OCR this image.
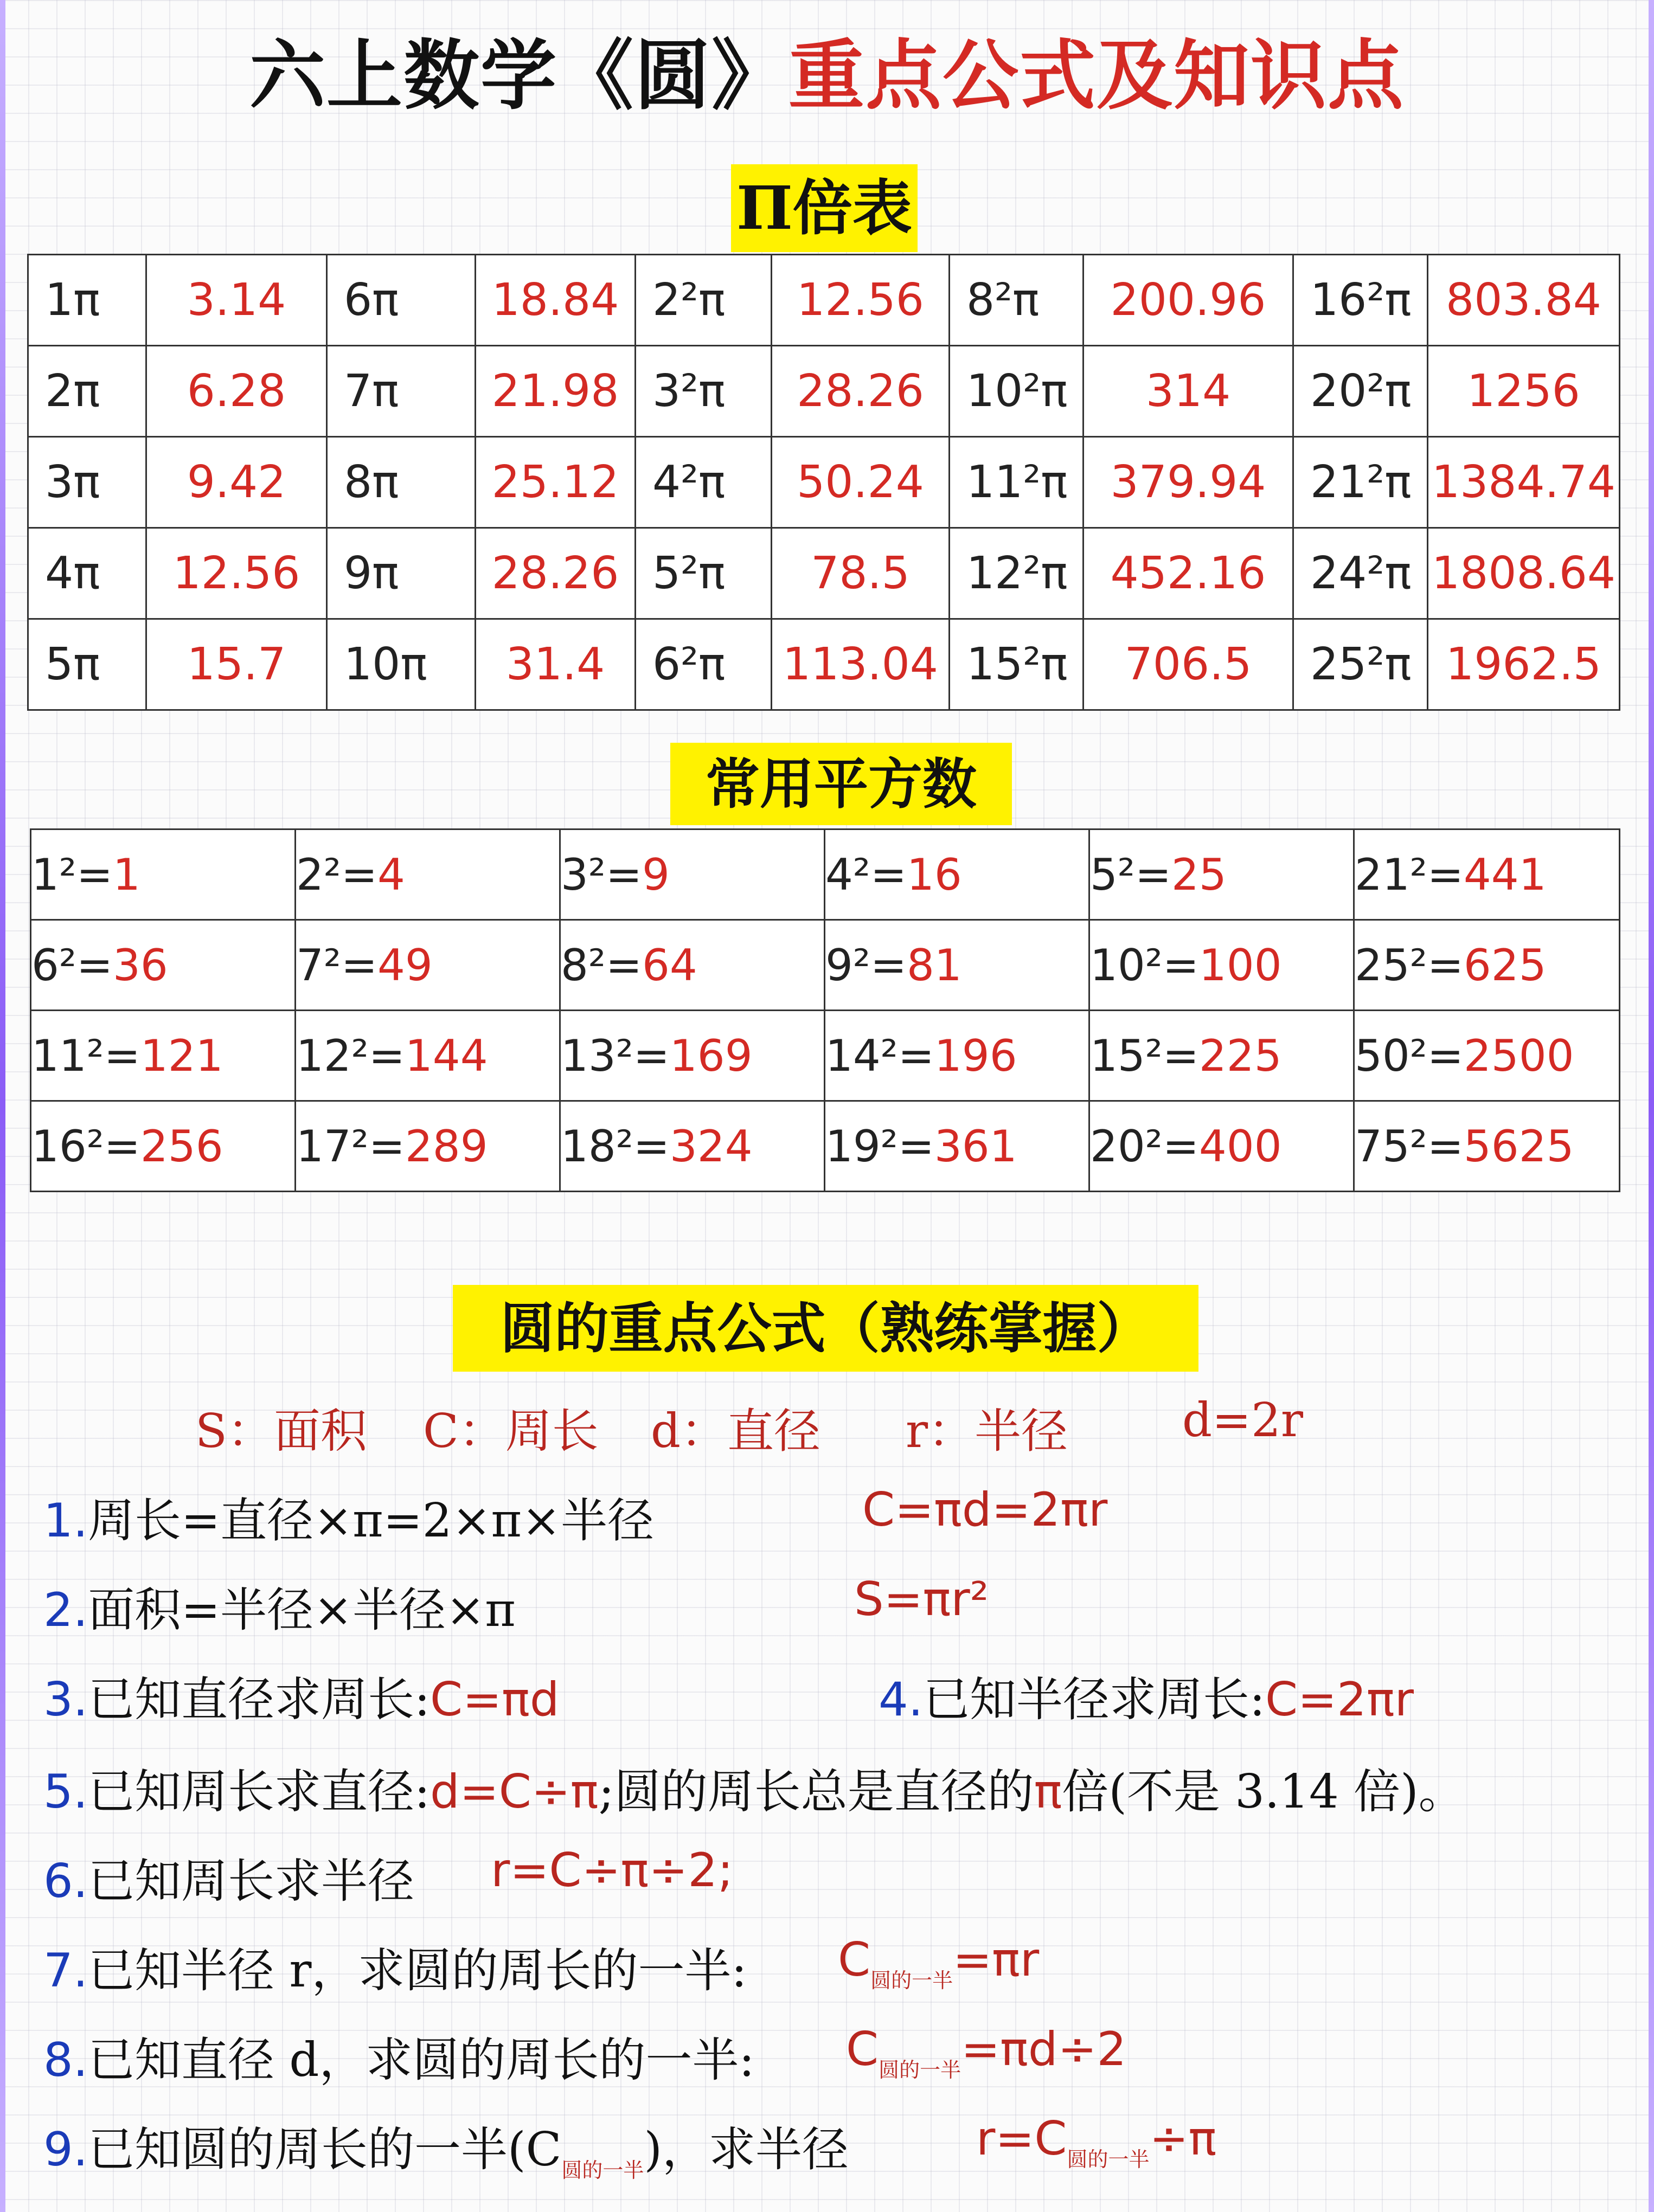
六上数学《圆》重点公式及知识点
Π倍表
1π	3.14	6π	18.84	2²π	12.56	8²π	200.96	16²π	803.84
2π	6.28	7π	21.98	3²π	28.26	10²π	314	20²π	1256
3π	9.42	8π	25.12	4²π	50.24	11²π	379.94	21²π	1384.74
4π	12.56	9π	28.26	5²π	78.5	12²π	452.16	24²π	1808.64
5π	15.7	10π	31.4	6²π	113.04	15²π	706.5	25²π	1962.5
常用平方数
1²=1	2²=4	3²=9	4²=16	5²=25	21²=441
6²=36	7²=49	8²=64	9²=81	10²=100	25²=625
11²=121	12²=144	13²=169	14²=196	15²=225	50²=2500
16²=256	17²=289	18²=324	19²=361	20²=400	75²=5625
圆的重点公式（熟练掌握）
S：面积 C：周长 d：直径 r：半径 d=2r
1.周长=直径×π=2×π×半径	C=πd=2πr
2.面积=半径×半径×π	S=πr²
3.已知直径求周长:C=πd	4.已知半径求周长:C=2πr
5.已知周长求直径:d=C÷π;圆的周长总是直径的π倍(不是 3.14 倍)。
6.已知周长求半径 r=C÷π÷2;
7.已知半径 r，求圆的周长的一半: $C_{圆的一半}=\pi r$
8.已知直径 d，求圆的周长的一半: $C_{圆的一半}=\pi d\div 2$
9.已知圆的周长的一半$(C_{圆的一半})$，求半径	$r=C_{圆的一半}\div\pi$
